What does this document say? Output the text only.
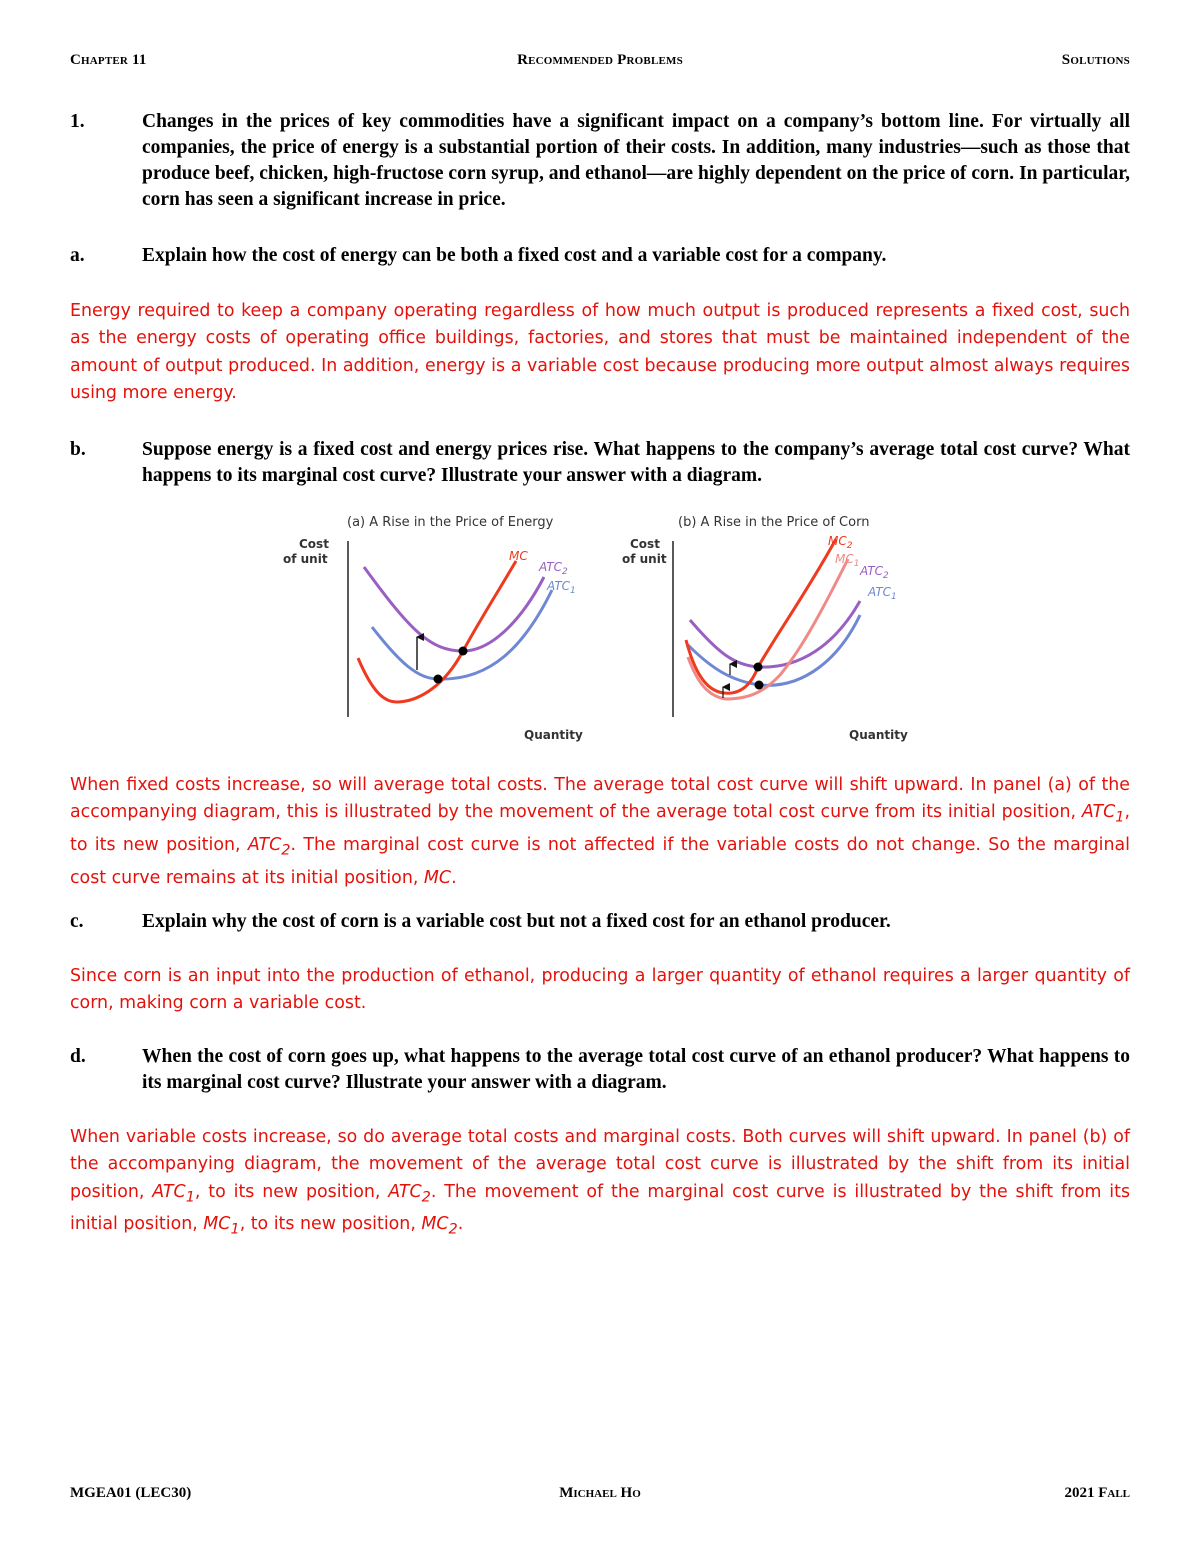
Chapter 11	Recommended Problems	Solutions
1.	Changes in the prices of key commodities have a significant impact on a company’s bottom line. For virtually all companies, the price of energy is a substantial portion of their costs. In addition, many industries—such as those that produce beef, chicken, high-fructose corn syrup, and ethanol—are highly dependent on the price of corn. In particular, corn has seen a significant increase in price.
a.	Explain how the cost of energy can be both a fixed cost and a variable cost for a company.
Energy required to keep a company operating regardless of how much output is produced represents a fixed cost, such as the energy costs of operating office buildings, factories, and stores that must be maintained independent of the amount of output produced. In addition, energy is a variable cost because producing more output almost always requires using more energy.
b.	Suppose energy is a fixed cost and energy prices rise. What happens to the company’s average total cost curve? What happens to its marginal cost curve? Illustrate your answer with a diagram.
(a) A Rise in the Price of Energy
Cost
of unit
Quantity
MC
$ATC_2$
$ATC_1$
(b) A Rise in the Price of Corn
Cost
of unit
Quantity
$MC_2$
$MC_1$ $ATC_2$
$ATC_1$
When fixed costs increase, so will average total costs. The average total cost curve will shift upward. In panel (a) of the accompanying diagram, this is illustrated by the movement of the average total cost curve from its initial position, $ATC_1$, to its new position, $ATC_2$. The marginal cost curve is not affected if the variable costs do not change. So the marginal cost curve remains at its initial position, MC.
c.	Explain why the cost of corn is a variable cost but not a fixed cost for an ethanol producer.
Since corn is an input into the production of ethanol, producing a larger quantity of ethanol requires a larger quantity of corn, making corn a variable cost.
d.	When the cost of corn goes up, what happens to the average total cost curve of an ethanol producer? What happens to its marginal cost curve? Illustrate your answer with a diagram.
When variable costs increase, so do average total costs and marginal costs. Both curves will shift upward. In panel (b) of the accompanying diagram, the movement of the average total cost curve is illustrated by the shift from its initial position, $ATC_1$, to its new position, $ATC_2$. The movement of the marginal cost curve is illustrated by the shift from its initial position, $MC_1$, to its new position, $MC_2$.
MGEA01 (LEC30)	Michael Ho	2021 Fall
